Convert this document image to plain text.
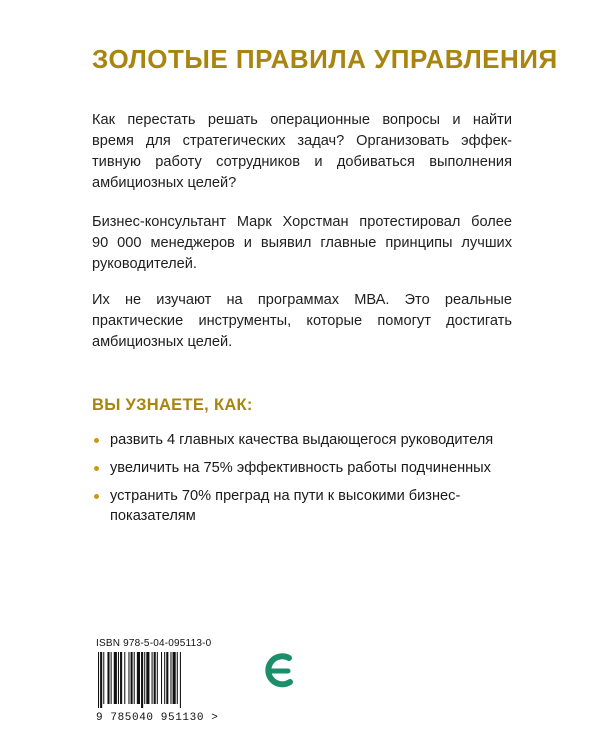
ЗОЛОТЫЕ ПРАВИЛА УПРАВЛЕНИЯ
Как перестать решать операционные вопросы и найти
время для стратегических задач? Организовать эффек-
тивную работу сотрудников и добиваться выполнения
амбициозных целей?
Бизнес-консультант Марк Хорстман протестировал более
90 000 менеджеров и выявил главные принципы лучших
руководителей.
Их не изучают на программах МВА. Это реальные
практические инструменты, которые помогут достигать
амбициозных целей.
ВЫ УЗНАЕТЕ, КАК:
развить 4 главных качества выдающегося руководителя
увеличить на 75% эффективность работы подчиненных
устранить 70% преград на пути к высокими бизнес-
показателям
ISBN 978-5-04-095113-0
9 785040 951130 >
